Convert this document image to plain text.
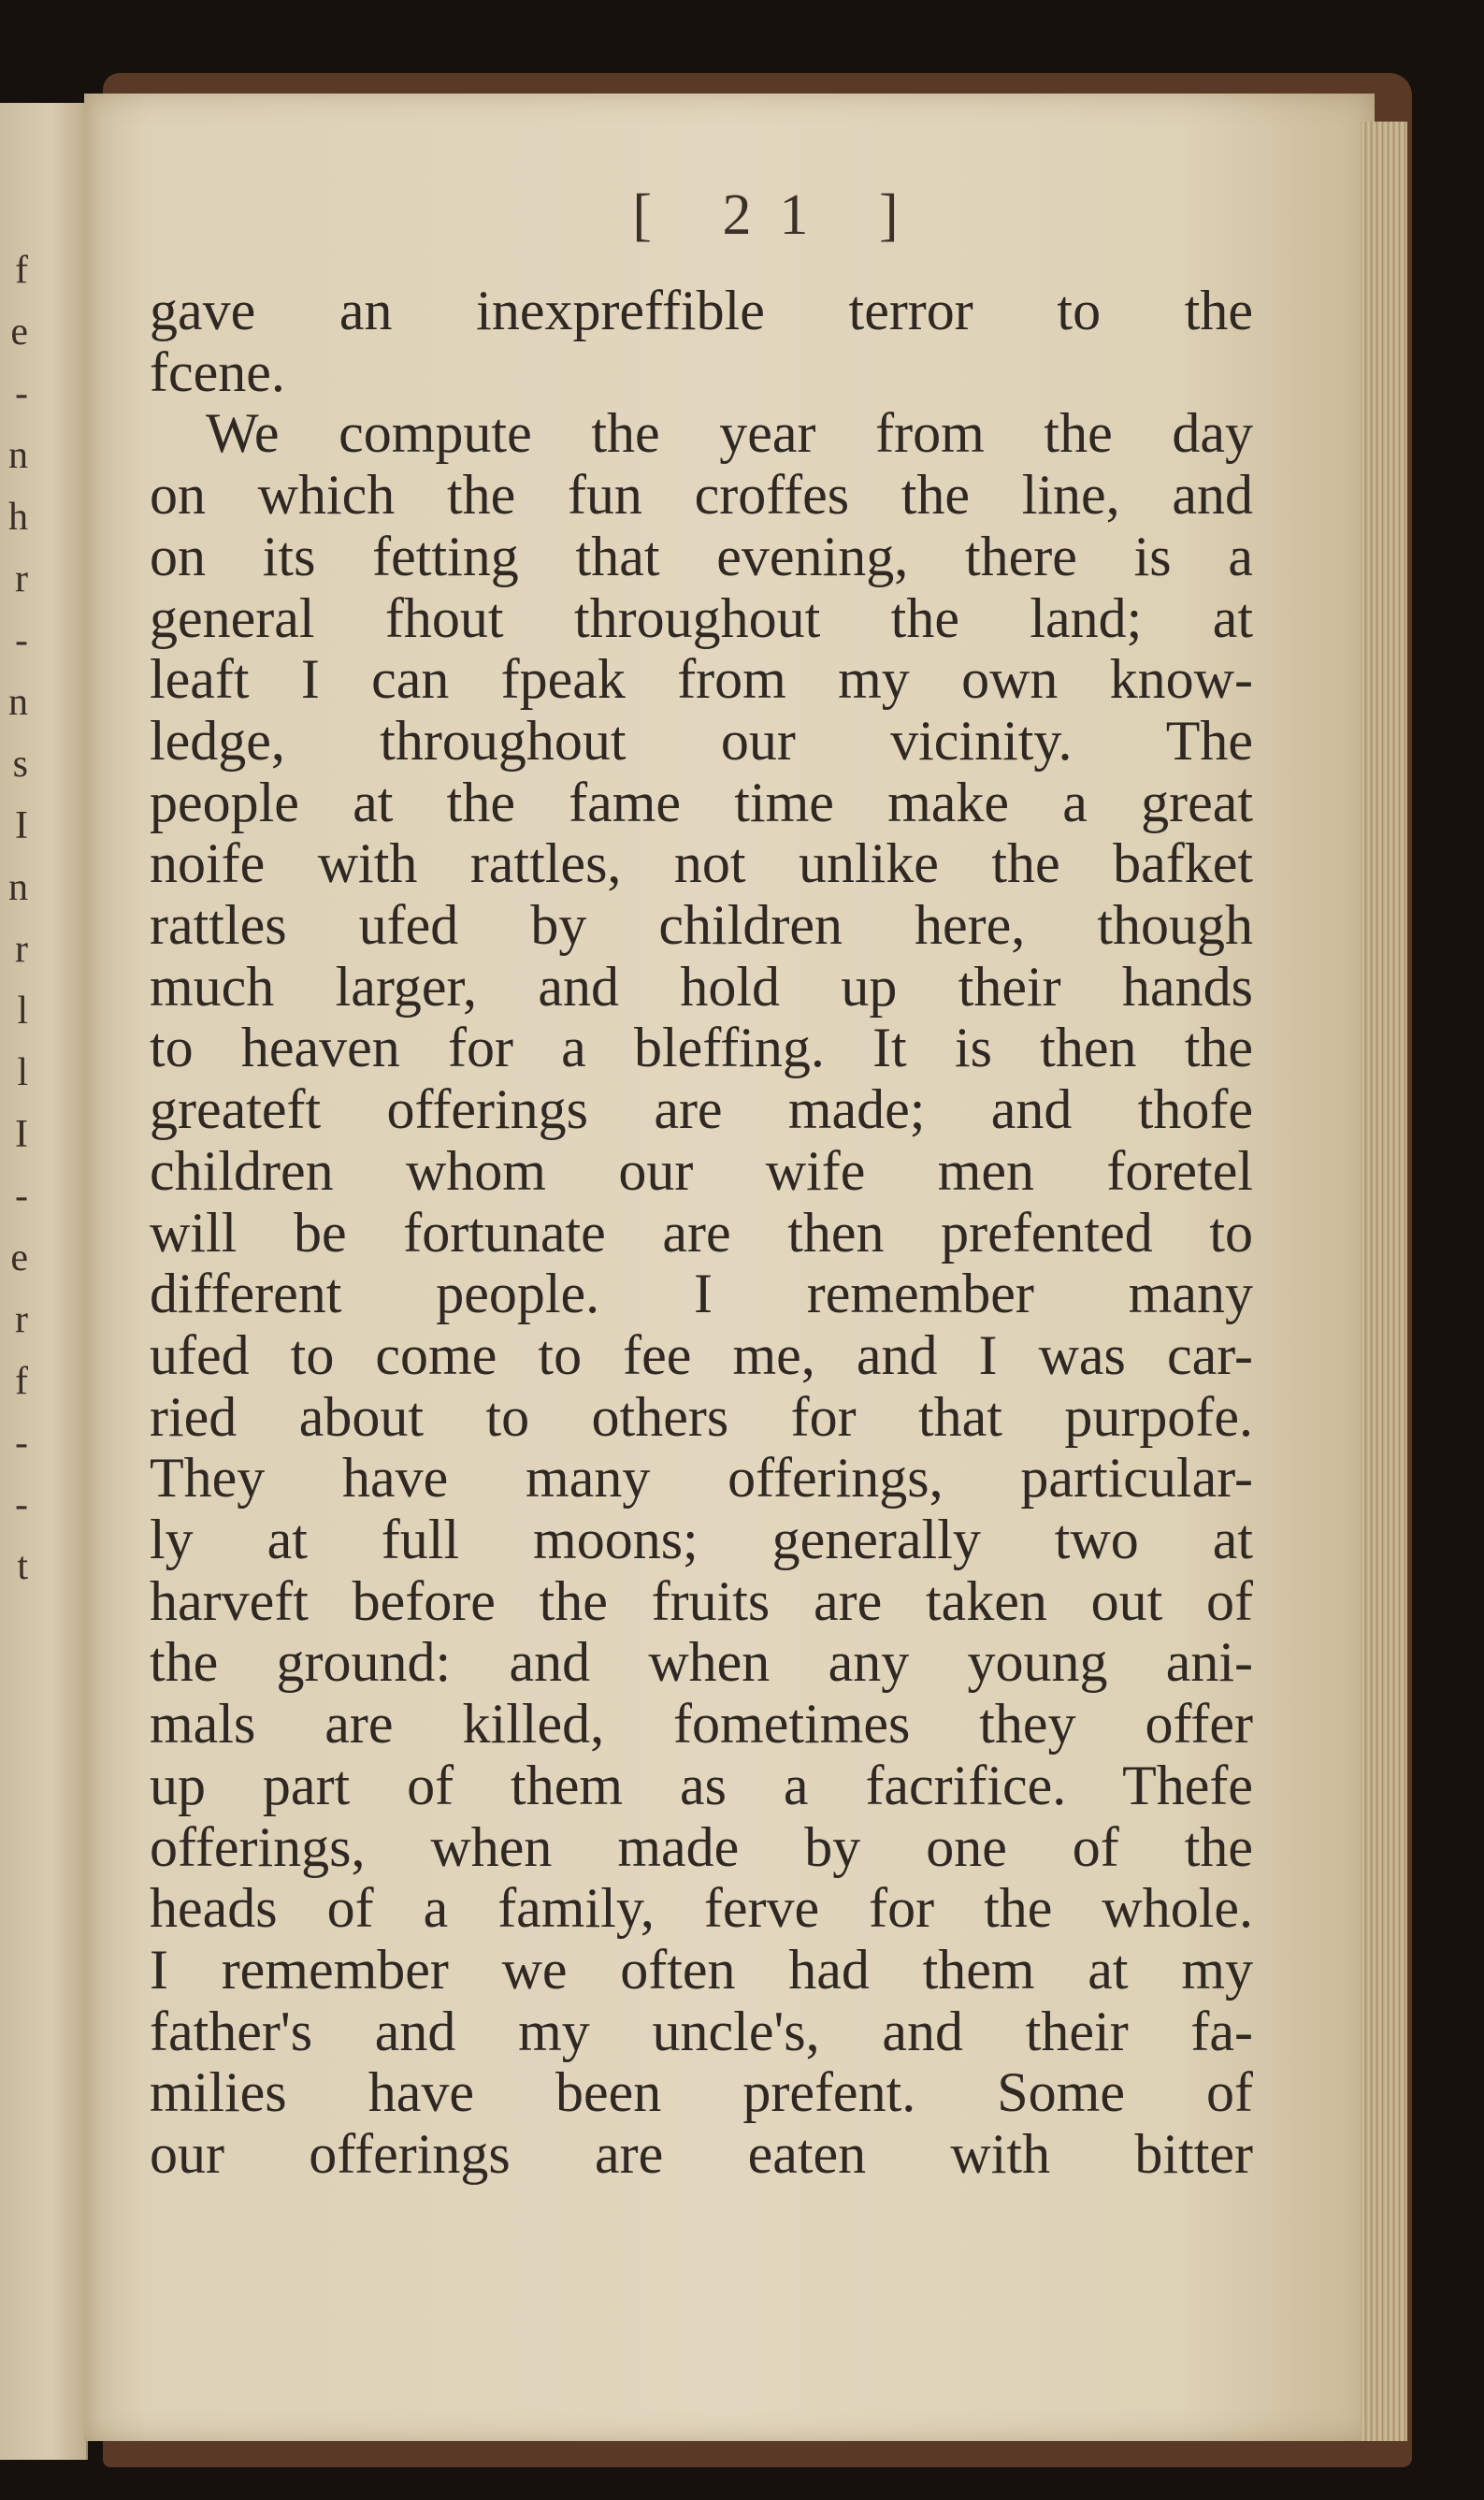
f
e
-
n
h
r
-
n
s
I
n
r
l
l
I
-
e
r
f
-
-
t
[ 21 ]
gave an inexpreffible terror to the
fcene.
We compute the year from the day
on which the fun croffes the line, and
on its fetting that evening, there is a
general fhout throughout the land; at
leaft I can fpeak from my own know-
ledge, throughout our vicinity. The
people at the fame time make a great
noife with rattles, not unlike the bafket
rattles ufed by children here, though
much larger, and hold up their hands
to heaven for a bleffing. It is then the
greateft offerings are made; and thofe
children whom our wife men foretel
will be fortunate are then prefented to
different people. I remember many
ufed to come to fee me, and I was car-
ried about to others for that purpofe.
They have many offerings, particular-
ly at full moons; generally two at
harveft before the fruits are taken out of
the ground: and when any young ani-
mals are killed, fometimes they offer
up part of them as a facrifice. Thefe
offerings, when made by one of the
heads of a family, ferve for the whole.
I remember we often had them at my
father's and my uncle's, and their fa-
milies have been prefent. Some of
our offerings are eaten with bitter
